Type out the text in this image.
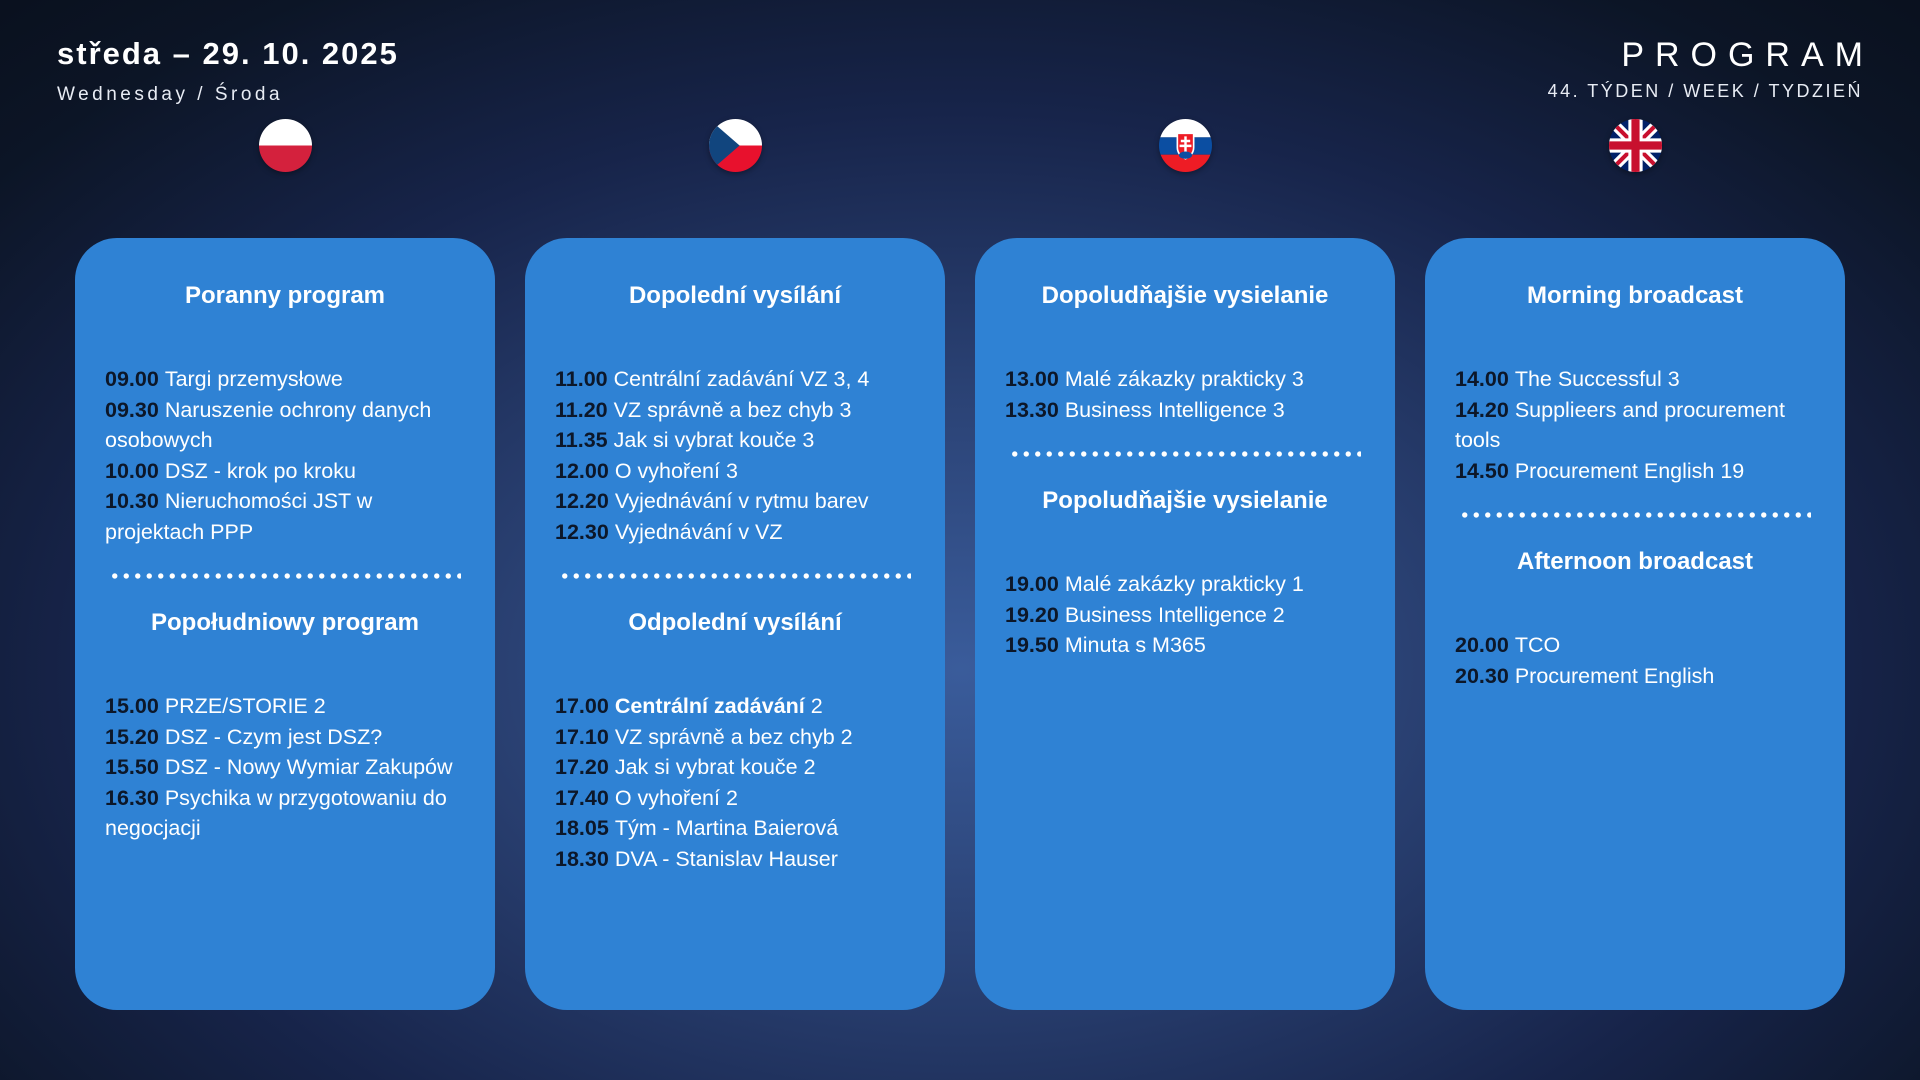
středa – 29. 10. 2025
Wednesday / Środa
PROGRAM
44. TÝDEN / WEEK / TYDZIEŃ
Poranny program
09.00 Targi przemysłowe
09.30 Naruszenie ochrony danych osobowych
10.00 DSZ - krok po kroku
10.30 Nieruchomości JST w projektach PPP
Popołudniowy program
15.00 PRZE/STORIE 2
15.20 DSZ - Czym jest DSZ?
15.50 DSZ - Nowy Wymiar Zakupów
16.30 Psychika w przygotowaniu do negocjacji
Dopolední vysílání
11.00 Centrální zadávání VZ 3, 4
11.20 VZ správně a bez chyb 3
11.35 Jak si vybrat kouče 3
12.00 O vyhoření 3
12.20 Vyjednávání v rytmu barev
12.30 Vyjednávání v VZ
Odpolední vysílání
17.00 Centrální zadávání 2
17.10 VZ správně a bez chyb 2
17.20 Jak si vybrat kouče 2
17.40 O vyhoření 2
18.05 Tým - Martina Baierová
18.30 DVA - Stanislav Hauser
Dopoludňajšie vysielanie
13.00 Malé zákazky prakticky 3
13.30 Business Intelligence 3
Popoludňajšie vysielanie
19.00 Malé zakázky prakticky 1
19.20 Business Intelligence 2
19.50 Minuta s M365
Morning broadcast
14.00 The Successful 3
14.20 Supplieers and procurement tools
14.50 Procurement English 19
Afternoon broadcast
20.00 TCO
20.30 Procurement English
